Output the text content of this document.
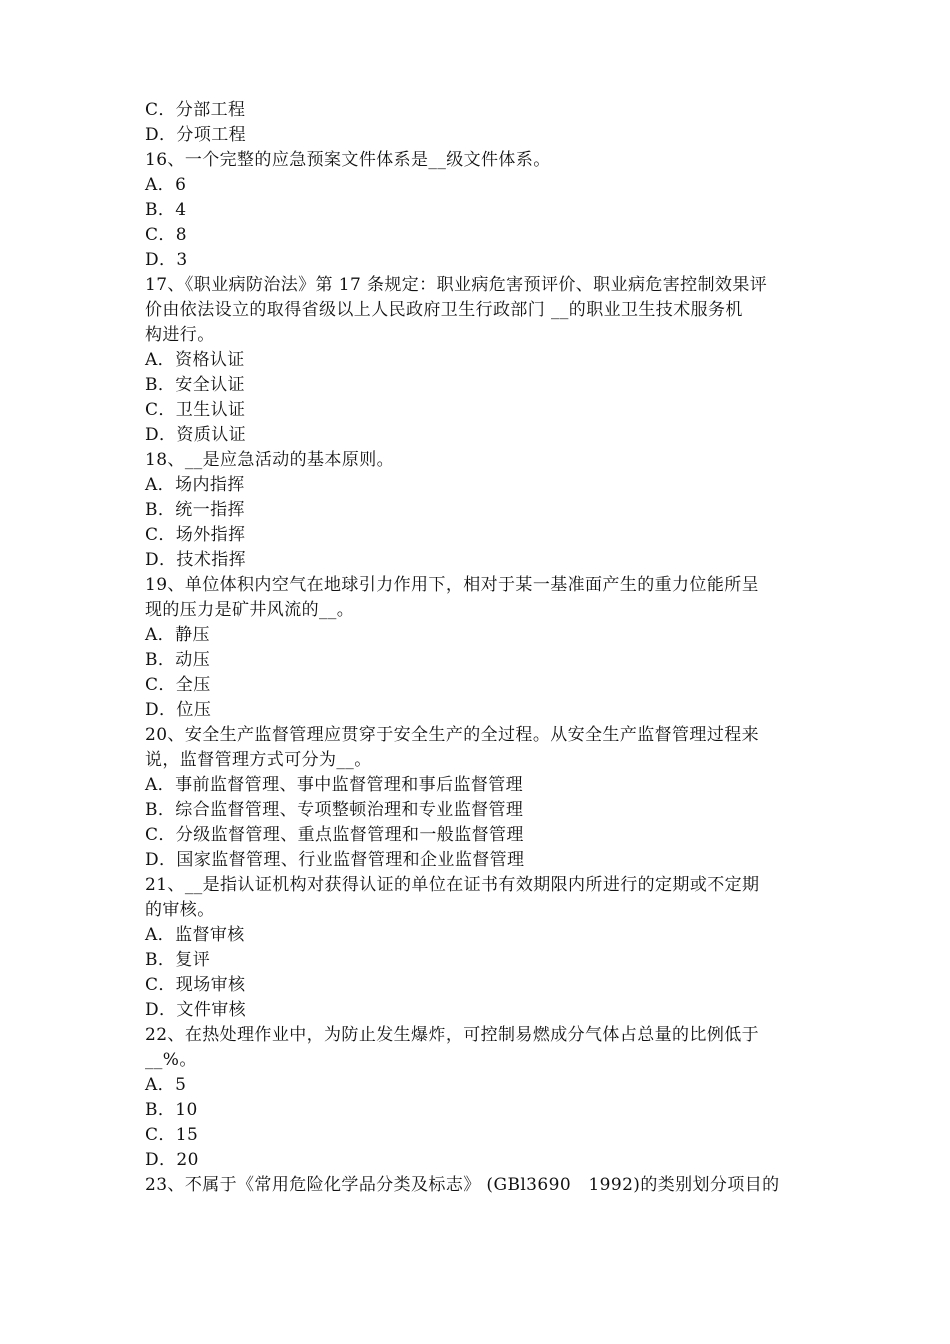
C．分部工程
D．分项工程
16、一个完整的应急预案文件体系是__级文件体系。
A．6
B．4
C．8
D．3
17、《职业病防治法》第 17 条规定：职业病危害预评价、职业病危害控制效果评
价由依法设立的取得省级以上人民政府卫生行政部门 __的职业卫生技术服务机
构进行。
A．资格认证
B．安全认证
C．卫生认证
D．资质认证
18、__是应急活动的基本原则。
A．场内指挥
B．统一指挥
C．场外指挥
D．技术指挥
19、单位体积内空气在地球引力作用下，相对于某一基准面产生的重力位能所呈
现的压力是矿井风流的__。
A．静压
B．动压
C．全压
D．位压
20、安全生产监督管理应贯穿于安全生产的全过程。从安全生产监督管理过程来
说，监督管理方式可分为__。
A．事前监督管理、事中监督管理和事后监督管理
B．综合监督管理、专项整顿治理和专业监督管理
C．分级监督管理、重点监督管理和一般监督管理
D．国家监督管理、行业监督管理和企业监督管理
21、__是指认证机构对获得认证的单位在证书有效期限内所进行的定期或不定期
的审核。
A．监督审核
B．复评
C．现场审核
D．文件审核
22、在热处理作业中，为防止发生爆炸，可控制易燃成分气体占总量的比例低于
__%。
A．5
B．10
C．15
D．20
23、不属于《常用危险化学品分类及标志》 (GBl3690　1992)的类别划分项目的
